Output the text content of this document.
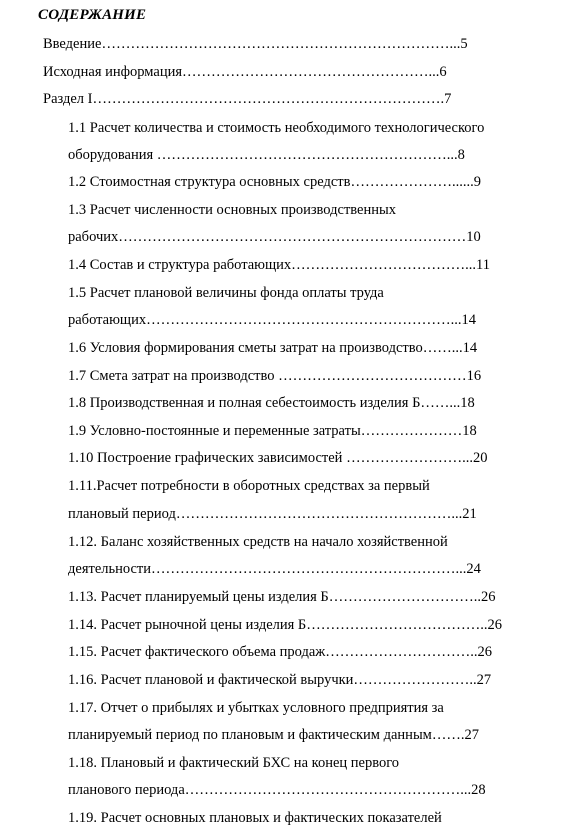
СОДЕРЖАНИЕ
Введение………………………………………………………………...5
Исходная информация……………………………………………...6
Раздел I……………………………………………………………….7
1.1 Расчет количества и стоимость необходимого технологического
оборудования ……………………………………………………...8
1.2 Стоимостная структура основных средств…………………......9
1.3 Расчет численности основных производственных
рабочих………………………………………………………………10
1.4 Состав и структура работающих………………………………...11
1.5 Расчет плановой величины фонда оплаты труда
работающих………………………………………………………...14
1.6 Условия формирования сметы затрат на производство……...14
1.7 Смета затрат на производство …………………………………16
1.8 Производственная и полная себестоимость изделия Б……...18
1.9 Условно-постоянные и переменные затраты…………………18
1.10 Построение графических зависимостей ……………………...20
1.11.Расчет потребности в оборотных средствах за первый
плановый период…………………………………………………...21
1.12. Баланс хозяйственных средств на начало хозяйственной
деятельности………………………………………………………...24
1.13. Расчет планируемый цены изделия Б…………………………..26
1.14. Расчет рыночной цены изделия Б………………………………..26
1.15. Расчет фактического объема продаж…………………………..26
1.16. Расчет плановой и фактической выручки……………………..27
1.17. Отчет о прибылях и убытках условного предприятия за
планируемый период по плановым и фактическим данным…….27
1.18. Плановый и фактический БХС на конец первого
планового периода…………………………………………………...28
1.19. Расчет основных плановых и фактических показателей
